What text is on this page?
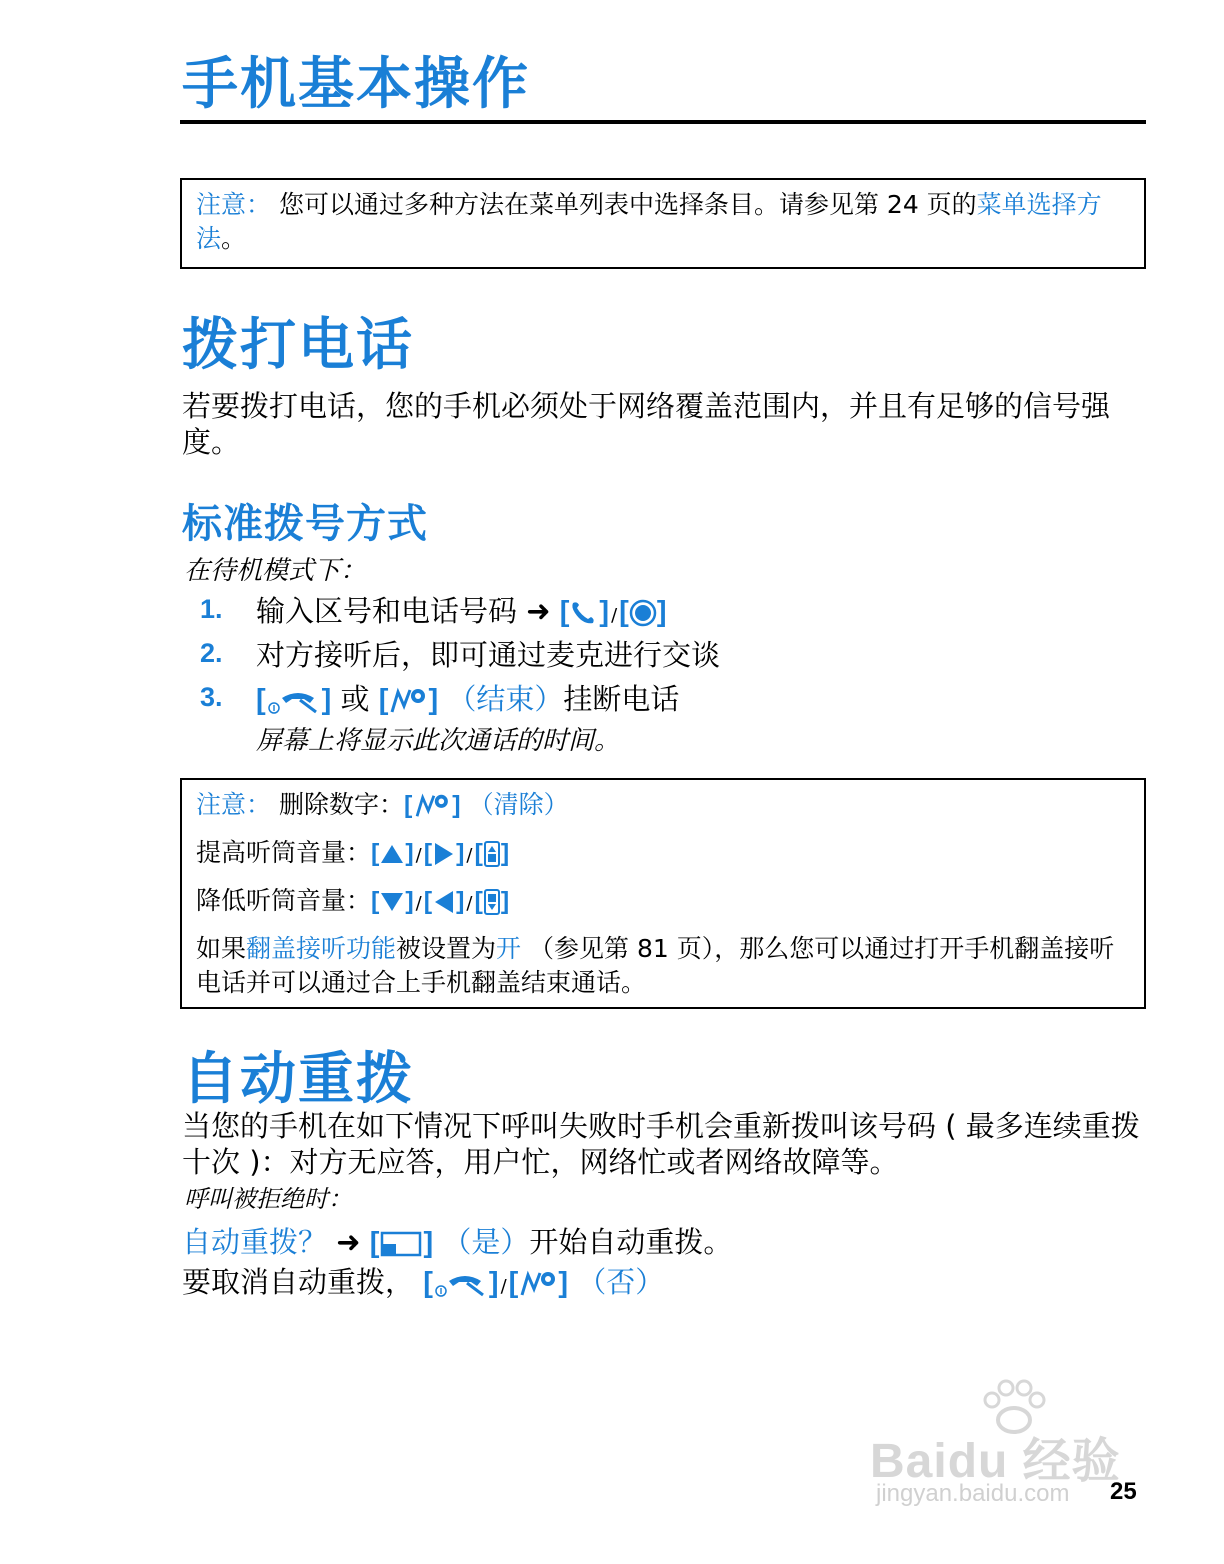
手机基本操作
注意： 您可以通过多种方法在菜单列表中选择条目。请参见第 24 页的菜单选择方法。
拨打电话
若要拨打电话，您的手机必须处于网络覆盖范围内，并且有足够的信号强度。
标准拨号方式
在待机模式下：
1. 输入区号和电话号码 ➜ [ ] /[ ]
2. 对方接听后，即可通过麦克进行交谈
3. [ ] 或 [ ] （结束）挂断电话
屏幕上将显示此次通话的时间。
注意： 删除数字：[ ] （清除）
提高听筒音量：[ ] /[ ] /[ ]
降低听筒音量：[ ] /[ ] /[ ]
如果翻盖接听功能被设置为开 （参见第 81 页），那么您可以通过打开手机翻盖接听电话并可以通过合上手机翻盖结束通话。
自动重拨
当您的手机在如下情况下呼叫失败时手机会重新拨叫该号码 ( 最多连续重拨十次 )：对方无应答，用户忙，网络忙或者网络故障等。
呼叫被拒绝时：
自动重拨？ ➜ [ ] （是）开始自动重拨。
要取消自动重拨， [ ] /[ ] （否）
Baidu 经验
jingyan.baidu.com 25
